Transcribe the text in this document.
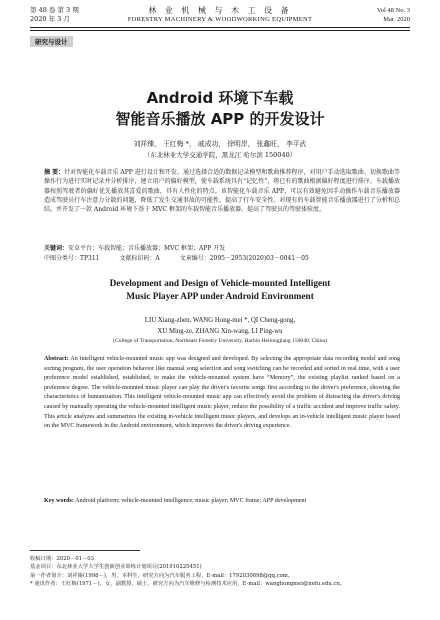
第 48 卷 第 3 期
2020 年 3 月
林 业 机 械 与 木 工 设 备
FORESTRY MACHINERY & WOODWORKING EQUIPMENT
Vol 48 No. 3
Mar. 2020
研究与设计
Android 环境下车载
智能音乐播放 APP 的开发设计
刘祥臻， 王红梅 *， 戚成功， 徐明岸， 张鑫旺， 李平武
（东北林业大学交通学院，黑龙江 哈尔滨 150040）
摘 要：针对智能化车载音乐 APP 进行设计和开发。通过选择合适的数据记录模型和歌曲推荐程序，对用户手动选取歌曲、切换歌曲等操作行为进行实时记录并分析排序，建立用户的偏好模型，使车载系统具有“记忆性”，将已有的歌曲根据偏好程度进行排序。车载播放器按照驾驶者的偏好优先播放其喜爱的歌曲，具有人性化的特点。该智能化车载音乐 APP，可以有效避免因手动操作车载音乐播放器造成驾驶员行车注意力分散的问题，降低了发生交通事故的可能性，提高了行车安全性。对现有的车载智能音乐播放器进行了分析和总结，并开发了一款 Android 环境下基于 MVC 框架的车载智能音乐播放器，提高了驾驶员的驾驶体验度。
关键词：安卓平台；车载智能；音乐播放器；MVC 框架；APP 开发
中图分类号：TP311	文献标识码：A	文章编号：2095－2953(2020)03－0041－05
Development and Design of Vehicle-mounted Intelligent
Music Player APP under Android Environment
LIU Xiang-zhen, WANG Hong-mei *, QI Cheng-gong,
XU Ming-ze, ZHANG Xin-wang, LI Ping-wu
(College of Transportation, Northeast Forestry University, Harbin Heilongjiang 150040, China)
Abstract: An intelligent vehicle-mounted music app was designed and developed. By selecting the appropriate data recording model and song sorting program, the user operation behavior like manual song selection and song switching can be recorded and sorted in real time, with a user preference model established, established, to make the vehicle-mounted system have “Memory”, the existing playlist ranked based on a preference degree. The vehicle-mounted music player can play the driver's favorite songs first according to the driver's preference, showing the characteristics of humanization. This intelligent vehicle-mounted music app can effectively avoid the problem of distracting the driver's driving caused by manually operating the vehicle-mounted intelligent music player, reduce the possibility of a traffic accident and improve traffic safety. This article analyzes and summarizes the existing in-vehicle intelligent music players, and develops an in-vehicle intelligent music player based on the MVC framework in the Android environment, which improves the driver's driving experience.
Key words: Android platform; vehicle-mounted intelligence; music player; MVC frame; APP development
收稿日期：2020－01－03
基金项目：东北林业大学大学生创新创业训练计划项目(201910225451)
第一作者简介：刘祥臻(1998－)，男，本科生，研究方向为汽车服务工程，E-mail：1792030698@qq.com。
* 通讯作者：王红梅(1971－)，女，副教授，硕士，研究方向为汽车维修与检测技术应用，E-mail：wanghongmei@nefu.edu.cn。
